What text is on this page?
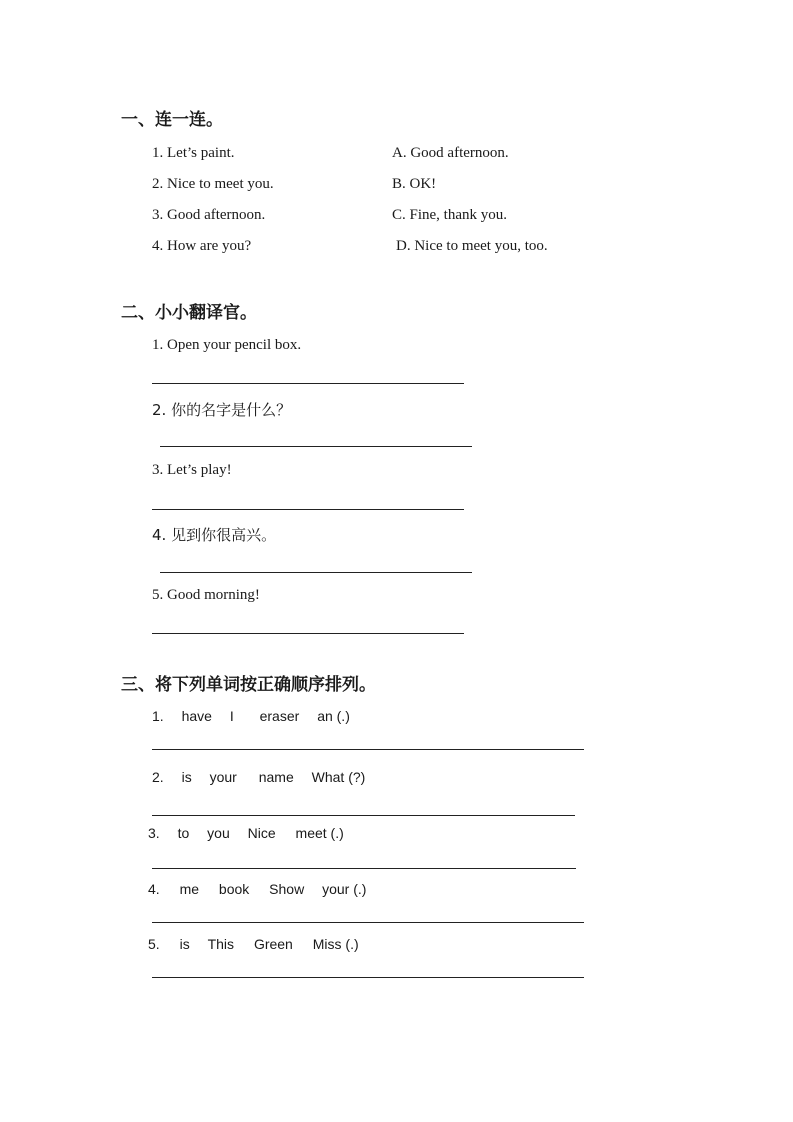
一、连一连。
1. Let’s paint.
2. Nice to meet you.
3. Good afternoon.
4. How are you?
A. Good afternoon.
B. OK!
C. Fine, thank you.
D. Nice to meet you, too.
二、小小翻译官。
1. Open your pencil box.
2. 你的名字是什么？
3. Let’s play!
4. 见到你很高兴。
5. Good morning!
三、将下列单词按正确顺序排列。
1. have I eraser an (.)
2. is your name What (?)
3. to you Nice meet (.)
4. me book Show your (.)
5. is This Green Miss (.)
